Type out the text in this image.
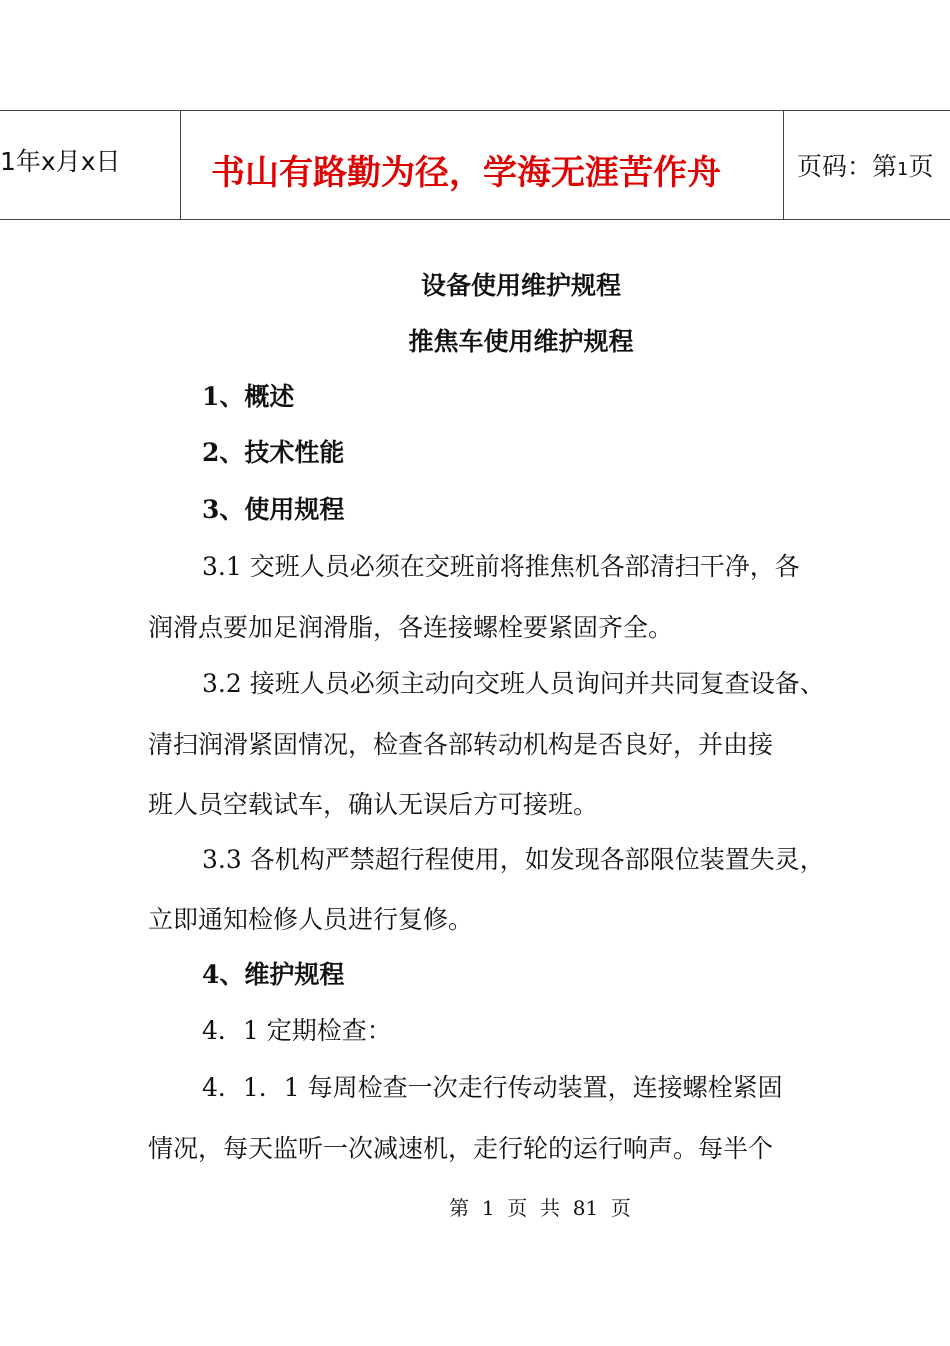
1年x月x日	书山有路勤为径，学海无涯苦作舟	页码：第1页
设备使用维护规程
推焦车使用维护规程
1、概述
2、技术性能
3、使用规程
3.1 交班人员必须在交班前将推焦机各部清扫干净，各
润滑点要加足润滑脂，各连接螺栓要紧固齐全。
3.2 接班人员必须主动向交班人员询问并共同复查设备、
清扫润滑紧固情况，检查各部转动机构是否良好，并由接
班人员空载试车，确认无误后方可接班。
3.3 各机构严禁超行程使用，如发现各部限位装置失灵，
立即通知检修人员进行复修。
4、维护规程
4．1 定期检查：
4．1．1 每周检查一次走行传动装置，连接螺栓紧固
情况，每天监听一次减速机，走行轮的运行响声。每半个
第  1  页  共  81  页
